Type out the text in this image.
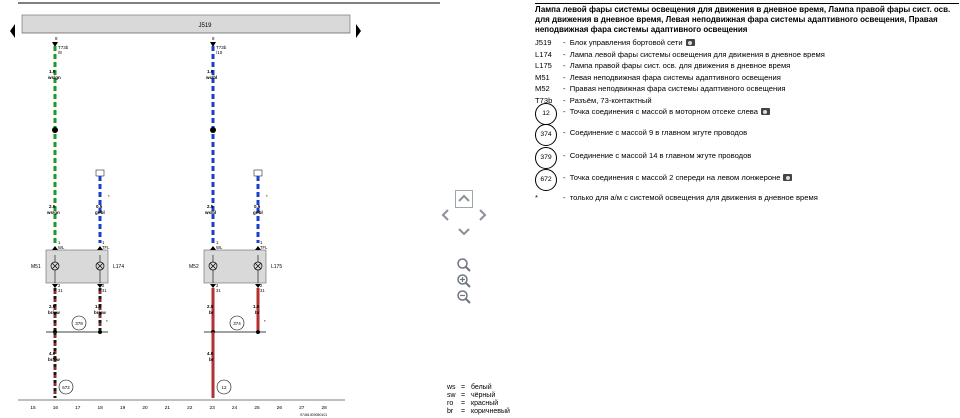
J519
8	8
T73b
/8
T73b
/10
1.0
ws/gn
2.5
ws/gn
*
0.5
gr/bl
1
WL
1
TFL
M51	L174
2
31
2
31
2.5
br/sw
1.5
br/sw
379	*
4.0
br/sw
672
1.0
ws/bl
2.5
ws/bl
*
0.5
gr/bl
1
WL
1
TFL
M52	L175
2
31
2
31
2.5
br
1.5
br
374	*
4.0
br
12
15	16	17	18	19	20	21	22	23	24	25	26	27	28
97461309050101
ws = белый
sw = чёрный
ro = красный
br = коричневый
Лампа левой фары системы освещения для движения в дневное время, Лампа правой фары сист. осв. для движения в дневное время, Левая неподвижная фара системы адаптивного освещения, Правая неподвижная фара системы адаптивного освещения
J519 -  Блок управления бортовой сети
L174 -  Лампа левой фары системы освещения для движения в дневное время
L175 -  Лампа правой фары сист. осв. для движения в дневное время
M51 -  Левая неподвижная фара системы адаптивного освещения
M52 -  Правая неподвижная фара системы адаптивного освещения
T73b -  Разъём, 73-контактный
12	-  Точка соединения с массой в моторном отсеке слева
374	-  Соединение с массой 9 в главном жгуте проводов
379	-  Соединение с массой 14 в главном жгуте проводов
672	-  Точка соединения с массой 2 спереди на левом лонжероне
*	-  только для а/м с системой освещения для движения в дневное время
